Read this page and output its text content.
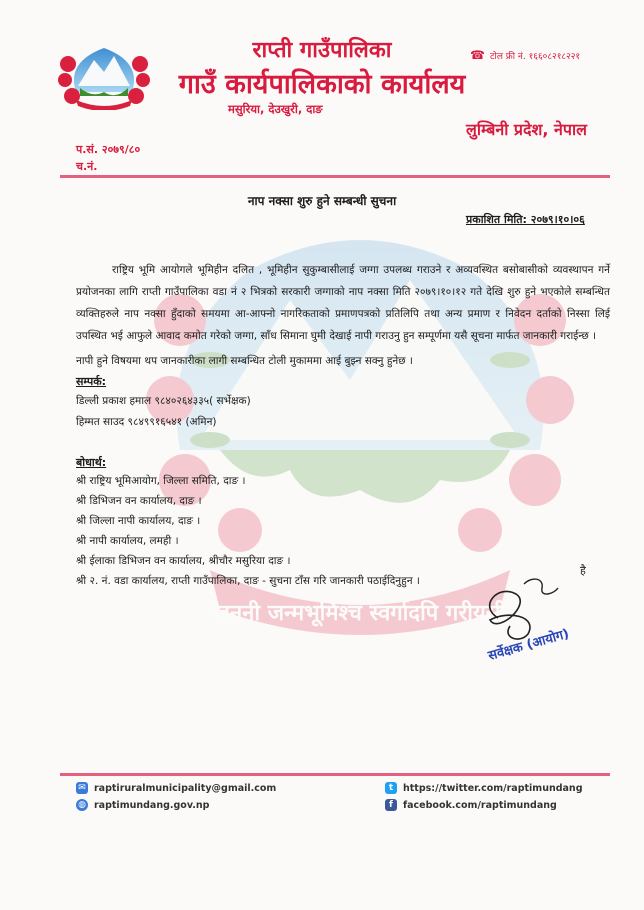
जननी जन्मभूमिश्च स्वर्गादपि गरीयसी
राप्ती गाउँपालिका
गाउँ कार्यपालिकाको कार्यालय
मसुरिया, देउखुरी, दाङ
☎ टोल फ्री नं. १६६०८२१८२२१
लुम्बिनी प्रदेश, नेपाल
प.सं. २०७९/८०
च.नं.
नाप नक्सा शुरु हुने सम्बन्धी सुचना
प्रकाशित मिति: २०७९।१०।०६
राष्ट्रिय भूमि आयोगले भूमिहीन दलित , भूमिहीन सुकुम्बासीलाई जग्गा उपलब्ध गराउने र अव्यवस्थित बसोबासीको व्यवस्थापन गर्ने प्रयोजनका लागि राप्ती गाउँपालिका वडा नं २ भित्रको सरकारी जग्गाको नाप नक्सा मिति २०७९।१०।१२ गते देखि शुरु हुने भएकोले सम्बन्धित व्यक्तिहरुले नाप नक्सा हुँदाको समयमा आ-आफ्नो नागरिकताको प्रमाणपत्रको प्रतिलिपि तथा अन्य प्रमाण र निवेदन दर्ताको निस्सा लिई उपस्थित भई आफुले आवाद कमोत गरेको जग्गा, साँध सिमाना घुमी देखाई नापी गराउनु हुन सम्पूर्णमा यसै सूचना मार्फत जानकारी गराईन्छ ।
नापी हुने विषयमा थप जानकारीका लागी सम्बन्धित टोली मुकाममा आई बुझ्न सक्नु हुनेछ ।
सम्पर्क:
डिल्ली प्रकाश हमाल ९८४०२६४३३५( सर्भेक्षक)
हिम्मत साउद ९८४९९१६५४१ (अमिन)
बोधार्थ:
श्री राष्ट्रिय भूमिआयोग, जिल्ला समिति, दाङ ।
श्री डिभिजन वन कार्यालय, दाङ ।
श्री जिल्ला नापी कार्यालय, दाङ ।
श्री नापी कार्यालय, लमही ।
श्री ईलाका डिभिजन वन कार्यालय, श्रीचौर मसुरिया दाङ ।
श्री २. नं. वडा कार्यालय, राप्ती गाउँपालिका, दाङ - सुचना टाँस गरि जानकारी पठाईदिनुहुन ।
है
सर्वेक्षक (आयोग)
✉ raptiruralmunicipality@gmail.com
◍ raptimundang.gov.np
t	https://twitter.com/raptimundang
f	facebook.com/raptimundang
